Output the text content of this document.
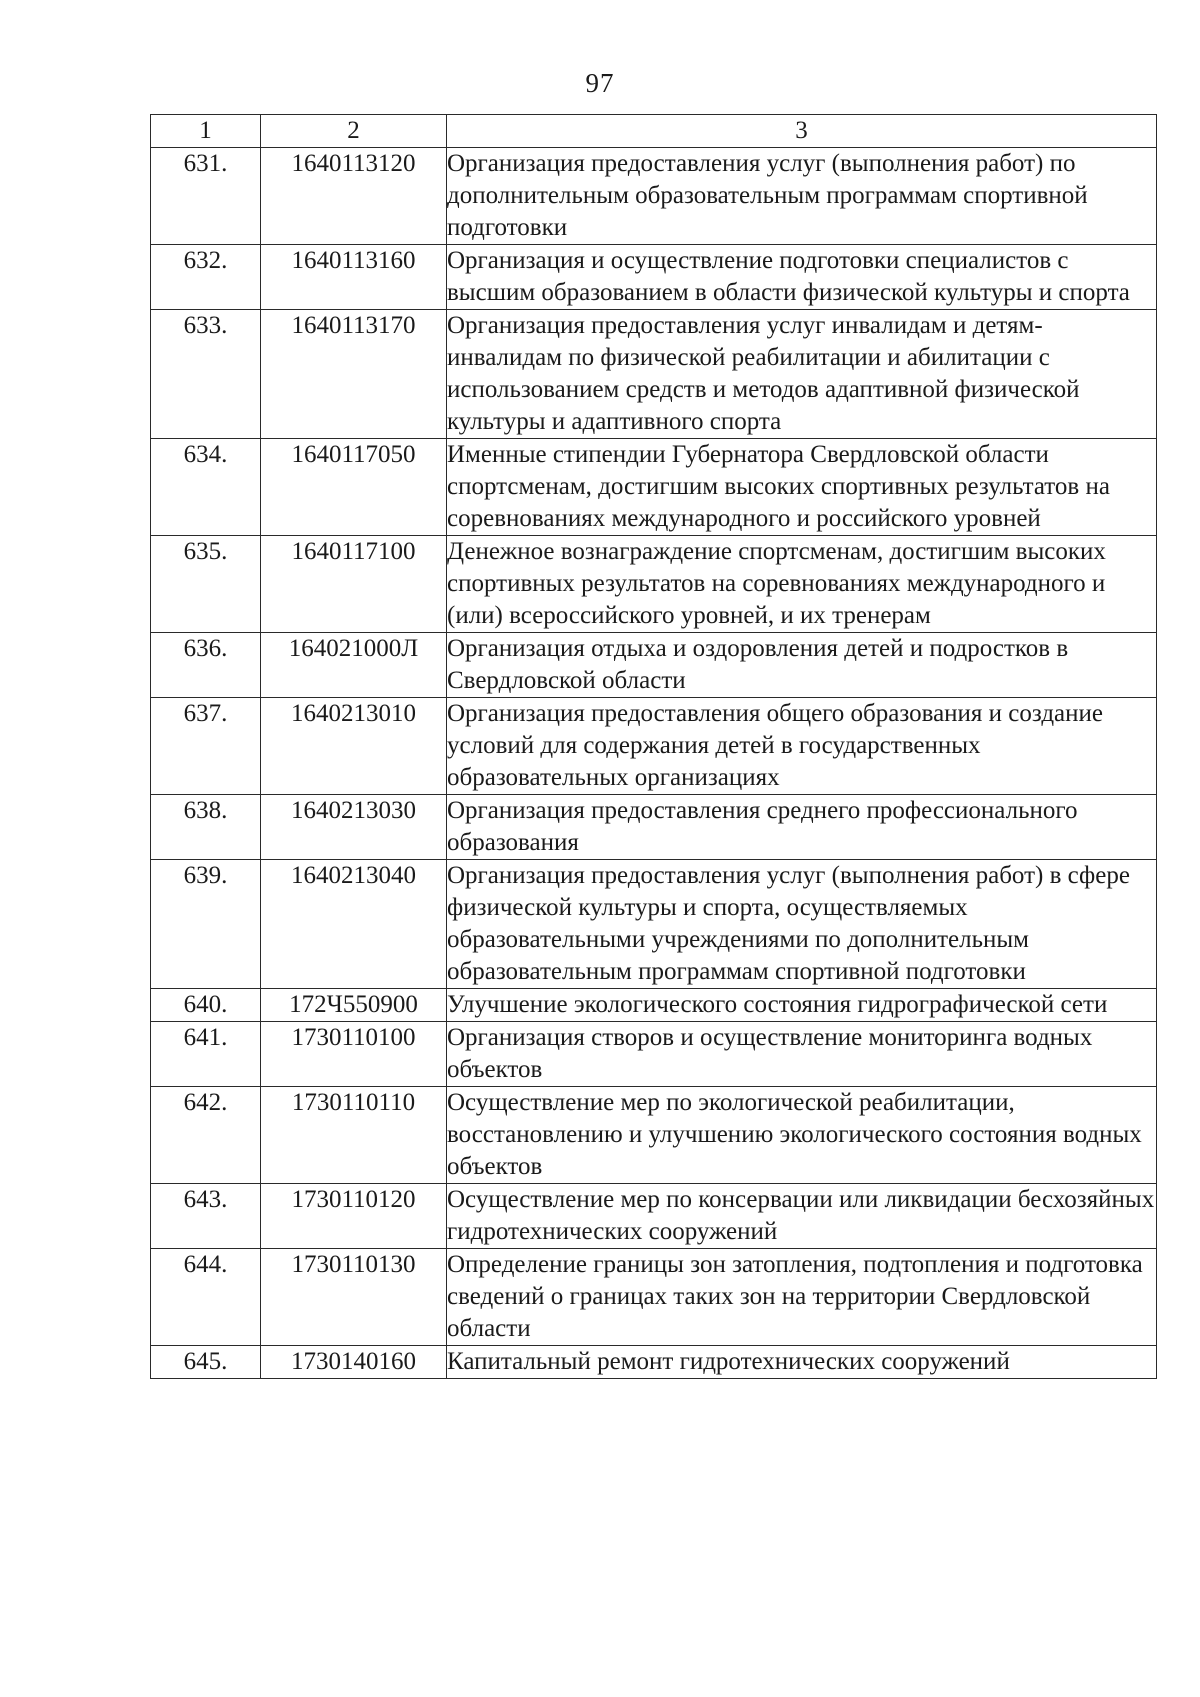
97
1	2	3
631.	1640113120	Организация предоставления услуг (выполнения работ) по дополнительным образовательным программам спортивной подготовки
632.	1640113160	Организация и осуществление подготовки специалистов с высшим образованием в области физической культуры и спорта
633.	1640113170	Организация предоставления услуг инвалидам и детям-инвалидам по физической реабилитации и абилитации с использованием средств и методов адаптивной физической культуры и адаптивного спорта
634.	1640117050	Именные стипендии Губернатора Свердловской области спортсменам, достигшим высоких спортивных результатов на соревнованиях международного и российского уровней
635.	1640117100	Денежное вознаграждение спортсменам, достигшим высоких спортивных результатов на соревнованиях международного и (или) всероссийского уровней, и их тренерам
636.	164021000Л	Организация отдыха и оздоровления детей и подростков в Свердловской области
637.	1640213010	Организация предоставления общего образования и создание условий для содержания детей в государственных образовательных организациях
638.	1640213030	Организация предоставления среднего профессионального образования
639.	1640213040	Организация предоставления услуг (выполнения работ) в сфере физической культуры и спорта, осуществляемых образовательными учреждениями по дополнительным образовательным программам спортивной подготовки
640.	172Ч550900	Улучшение экологического состояния гидрографической сети
641.	1730110100	Организация створов и осуществление мониторинга водных объектов
642.	1730110110	Осуществление мер по экологической реабилитации, восстановлению и улучшению экологического состояния водных объектов
643.	1730110120	Осуществление мер по консервации или ликвидации бесхозяйных гидротехнических сооружений
644.	1730110130	Определение границы зон затопления, подтопления и подготовка сведений о границах таких зон на территории Свердловской области
645.	1730140160	Капитальный ремонт гидротехнических сооружений
